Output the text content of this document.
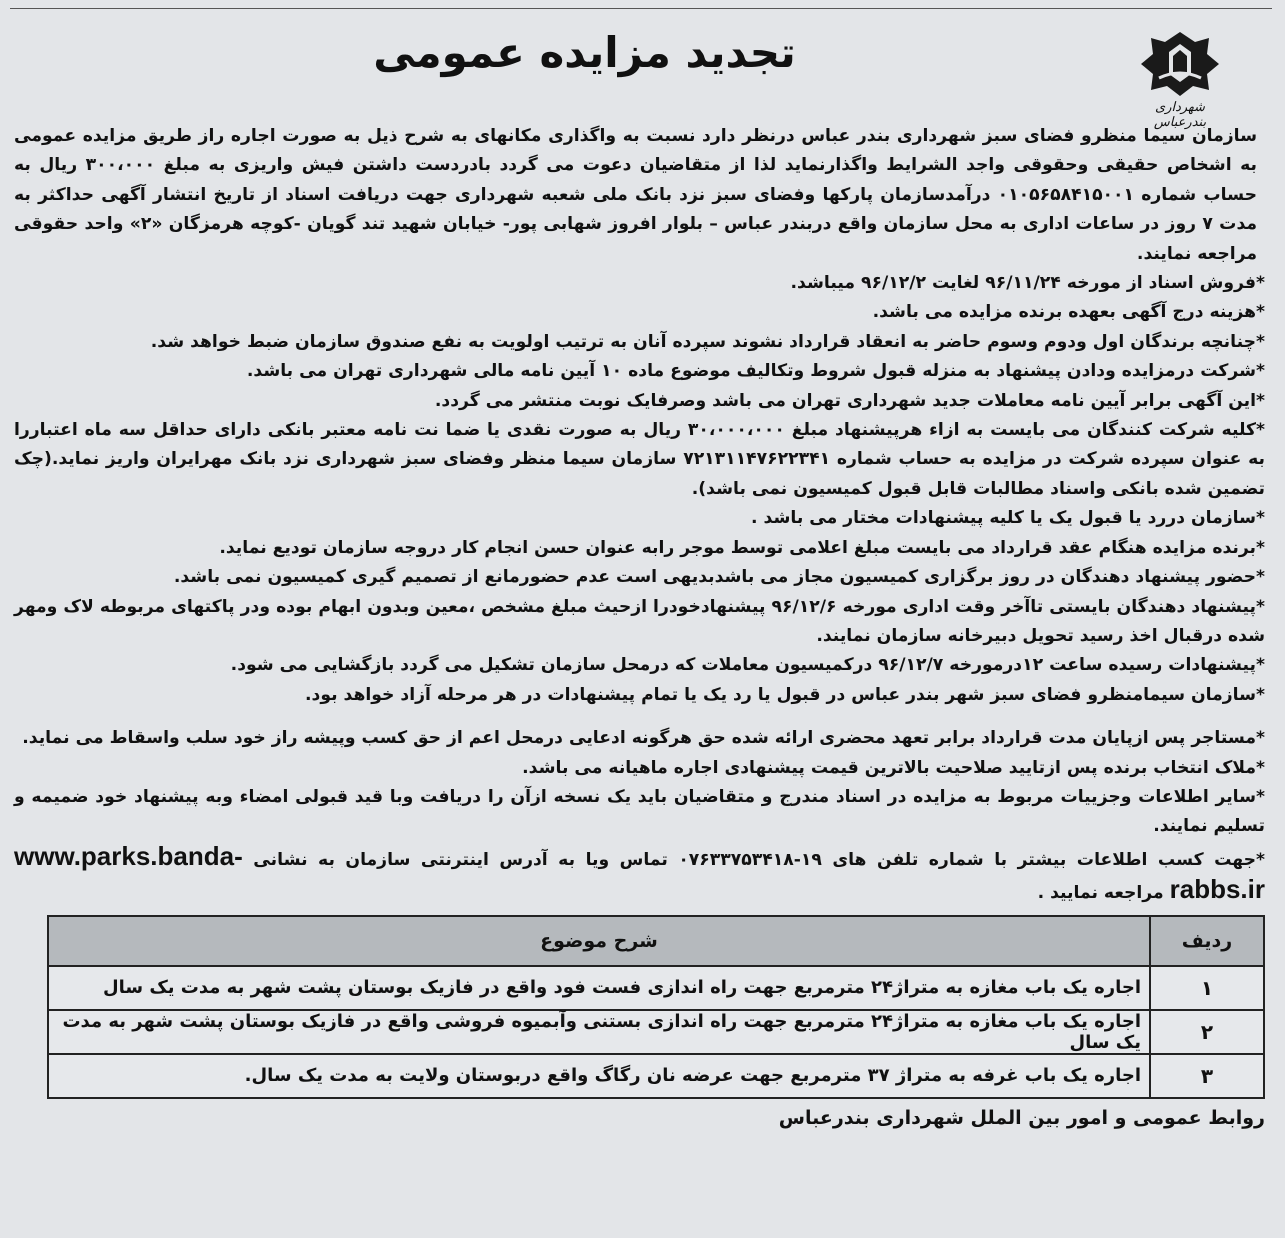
شهرداری بندرعباس
تجدید مزایده عمومی
سازمان سیما منظرو فضای سبز شهرداری بندر عباس درنظر دارد نسبت به واگذاری مکانهای به شرح ذیل به صورت اجاره راز طریق مزایده عمومی به اشخاص حقیقی وحقوقی واجد الشرایط واگذارنماید لذا از متقاضیان دعوت می گردد بادردست داشتن فیش واریزی به مبلغ ۳۰۰،۰۰۰ ریال به حساب شماره ۰۱۰۵۶۵۸۴۱۵۰۰۱ درآمدسازمان پارکها وفضای سبز نزد بانک ملی شعبه شهرداری جهت دریافت اسناد از تاریخ انتشار آگهی حداکثر به مدت ۷ روز در ساعات اداری به محل سازمان واقع دربندر عباس – بلوار افروز شهابی پور- خیابان شهید تند گویان -کوچه هرمزگان «۲» واحد حقوقی مراجعه نمایند.
*فروش اسناد از مورخه ۹۶/۱۱/۲۴ لغایت ۹۶/۱۲/۲ میباشد.
*هزینه درج آگهی بعهده برنده مزایده می باشد.
*چنانچه برندگان اول ودوم وسوم حاضر به انعقاد قرارداد نشوند سپرده آنان به ترتیب اولویت به نفع صندوق سازمان ضبط خواهد شد.
*شرکت درمزایده ودادن پیشنهاد به منزله قبول شروط وتکالیف موضوع ماده ۱۰ آیین نامه مالی شهرداری تهران می باشد.
*این آگهی برابر آیین نامه معاملات جدید شهرداری تهران می باشد وصرفایک نوبت منتشر می گردد.
*کلیه شرکت کنندگان می بایست به ازاء هرپیشنهاد مبلغ ۳۰،۰۰۰،۰۰۰ ریال به صورت نقدی یا ضما نت نامه معتبر بانکی دارای حداقل سه ماه اعتباررا به عنوان سپرده شرکت در مزایده به حساب شماره ۷۲۱۳۱۱۴۷۶۲۲۳۴۱ سازمان سیما منظر وفضای سبز شهرداری نزد بانک مهرایران واریز نماید.(چک تضمین شده بانکی واسناد مطالبات قابل قبول کمیسیون نمی باشد).
*سازمان دررد یا قبول یک یا کلیه پیشنهادات مختار می باشد .
*برنده مزایده هنگام عقد قرارداد می بایست مبلغ اعلامی توسط موجر رابه عنوان حسن انجام کار دروجه سازمان تودیع نماید.
*حضور پیشنهاد دهندگان در روز برگزاری کمیسیون مجاز می باشدبدیهی است عدم حضورمانع از تصمیم گیری کمیسیون نمی باشد.
*پیشنهاد دهندگان بایستی تاآخر وقت اداری مورخه ۹۶/۱۲/۶ پیشنهادخودرا ازحیث مبلغ مشخص ،معین وبدون ابهام بوده ودر پاکتهای مربوطه لاک ومهر شده درقبال اخذ رسید تحویل دبیرخانه سازمان نمایند.
*پیشنهادات رسیده ساعت ۱۲درمورخه ۹۶/۱۲/۷ درکمیسیون معاملات که درمحل سازمان تشکیل می گردد بازگشایی می شود.
*سازمان سیمامنظرو فضای سبز شهر بندر عباس در قبول یا رد یک یا تمام پیشنهادات در هر مرحله آزاد خواهد بود.
*مستاجر پس ازپایان مدت قرارداد برابر تعهد محضری ارائه شده حق هرگونه ادعایی درمحل اعم از حق کسب وپیشه راز خود سلب واسقاط می نماید.
*ملاک انتخاب برنده پس ازتایید صلاحیت بالاترین قیمت پیشنهادی اجاره ماهیانه می باشد.
*سایر اطلاعات وجزییات مربوط به مزایده در اسناد مندرج و متقاضیان باید یک نسخه ازآن را دریافت وبا قید قبولی امضاء وبه پیشنهاد خود ضمیمه و تسلیم نمایند.
*جهت کسب اطلاعات بیشتر با شماره تلفن های ۱۹-۰۷۶۳۳۷۵۳۴۱۸ تماس ویا به آدرس اینترنتی سازمان به نشانی www.parks.banda-rabbs.ir مراجعه نمایید .
ردیف	شرح موضوع
۱	اجاره یک باب مغازه به متراژ۲۴ مترمربع جهت راه اندازی فست فود واقع در فازیک بوستان پشت شهر به مدت یک سال
۲	اجاره یک باب مغازه به متراژ۲۴ مترمربع جهت راه اندازی بستنی وآبمیوه فروشی واقع در فازیک بوستان پشت شهر به مدت یک سال
۳	اجاره یک باب غرفه به متراژ ۳۷ مترمربع جهت عرضه نان رگاگ واقع دربوستان ولایت به مدت یک سال.
روابط عمومی و امور بین الملل شهرداری بندرعباس
